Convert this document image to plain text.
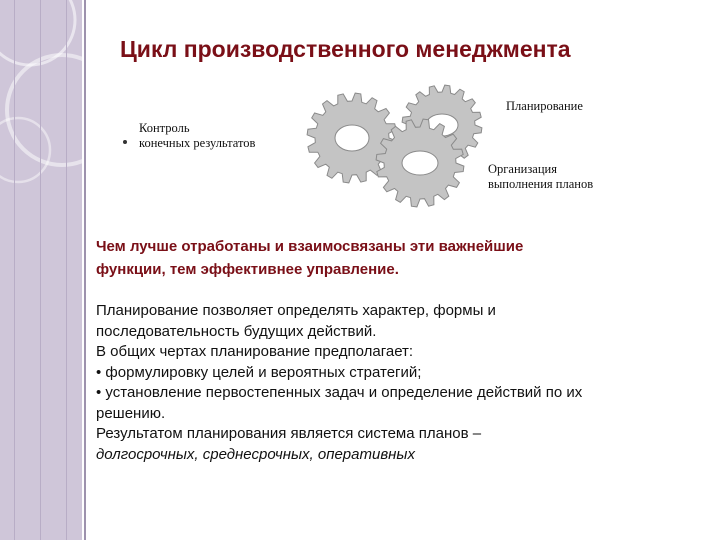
Цикл производственного менеджмента
Планирование
Контроль
конечных результатов
Организация
выполнения планов
Чем лучше отработаны и взаимосвязаны эти важнейшие
функции, тем эффективнее управление.
Планирование позволяет определять характер, формы и
последовательность будущих действий.
В общих чертах планирование предполагает:
• формулировку целей и вероятных стратегий;
• установление первостепенных задач и определение действий по их
решению.
Результатом планирования является система планов –
долгосрочных, среднесрочных, оперативных
